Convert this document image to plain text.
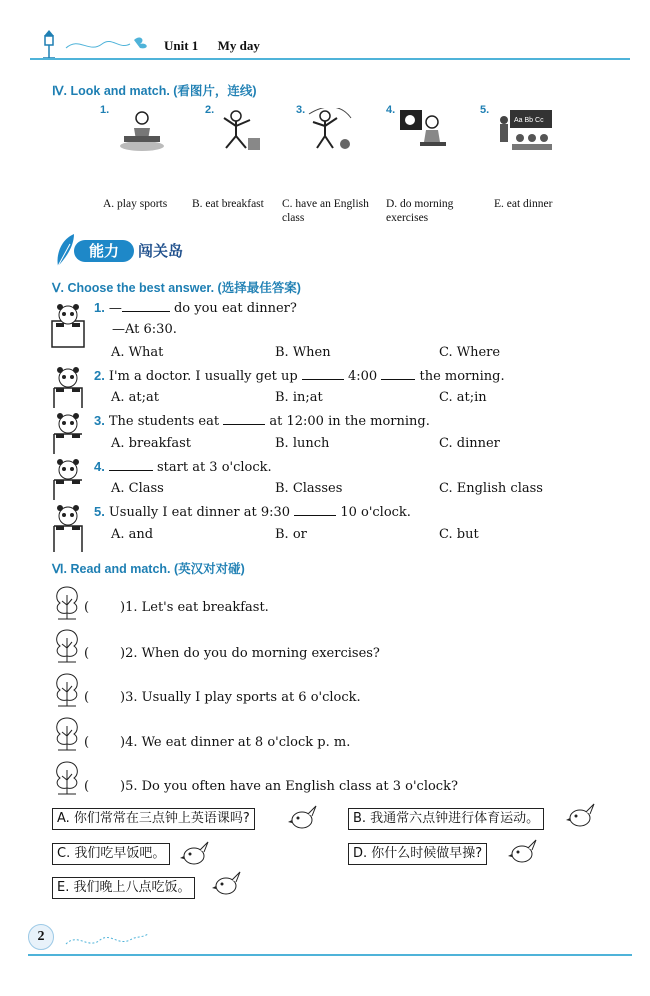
Unit 1 My day
Ⅳ. Look and match. (看图片，连线)
1.	2.	3.	4.	5.
Aa Bb Cc
A. play sports B. eat breakfast C. have an English class
D. do morning exercises
E. eat dinner
能力	闯关岛
Ⅴ. Choose the best answer. (选择最佳答案)
1. —	do you eat dinner?
—At 6:30.
A. What	B. When	C. Where
2. I'm a doctor. I usually get up	4:00	the morning.
A. at;at	B. in;at	C. at;in
3. The students eat	at 12:00 in the morning.
A. breakfast	B. lunch	C. dinner
4.	start at 3 o'clock.
A. Class	B. Classes	C. English class
5. Usually I eat dinner at 9:30	10 o'clock.
A. and	B. or	C. but
Ⅵ. Read and match. (英汉对对碰)
( )1. Let's eat breakfast.
( )2. When do you do morning exercises?
( )3. Usually I play sports at 6 o'clock.
( )4. We eat dinner at 8 o'clock p. m.
( )5. Do you often have an English class at 3 o'clock?
A. 你们常常在三点钟上英语课吗?	B. 我通常六点钟进行体育运动。
C. 我们吃早饭吧。	D. 你什么时候做早操?
E. 我们晚上八点吃饭。
2
